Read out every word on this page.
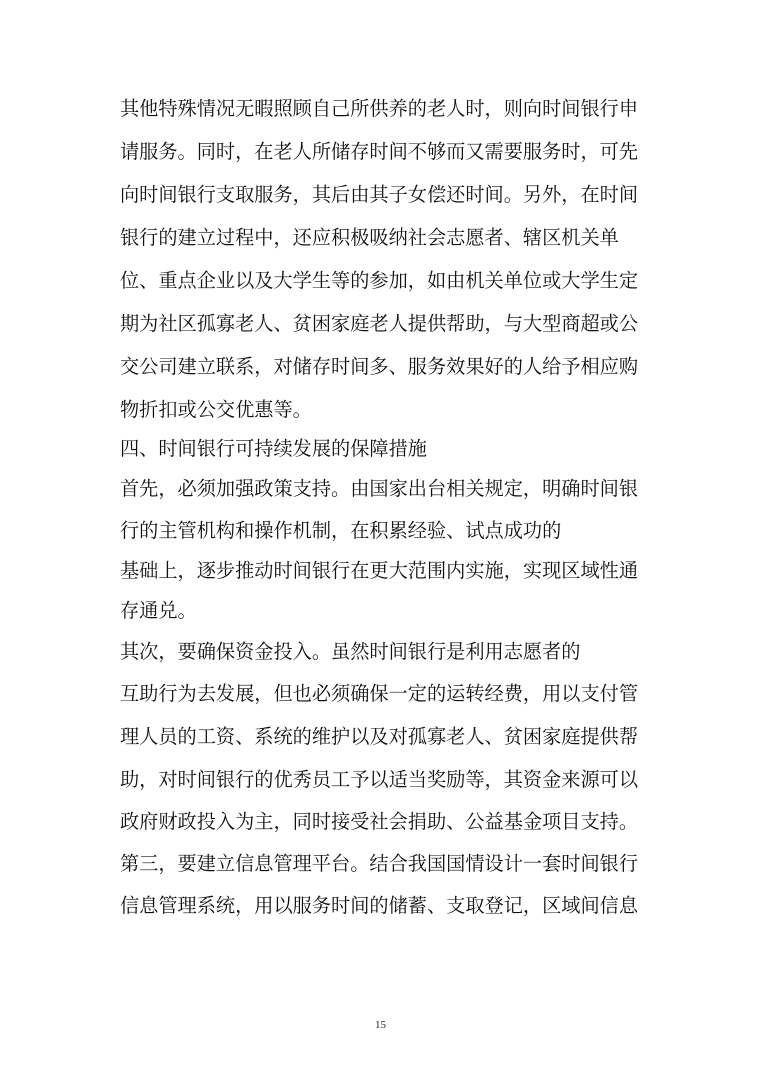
其他特殊情况无暇照顾自己所供养的老人时，则向时间银行申
请服务。同时，在老人所储存时间不够而又需要服务时，可先
向时间银行支取服务，其后由其子女偿还时间。另外，在时间
银行的建立过程中，还应积极吸纳社会志愿者、辖区机关单
位、重点企业以及大学生等的参加，如由机关单位或大学生定
期为社区孤寡老人、贫困家庭老人提供帮助，与大型商超或公
交公司建立联系，对储存时间多、服务效果好的人给予相应购
物折扣或公交优惠等。
四、时间银行可持续发展的保障措施
首先，必须加强政策支持。由国家出台相关规定，明确时间银
行的主管机构和操作机制，在积累经验、试点成功的
基础上，逐步推动时间银行在更大范围内实施，实现区域性通
存通兑。
其次，要确保资金投入。虽然时间银行是利用志愿者的
互助行为去发展，但也必须确保一定的运转经费，用以支付管
理人员的工资、系统的维护以及对孤寡老人、贫困家庭提供帮
助，对时间银行的优秀员工予以适当奖励等，其资金来源可以
政府财政投入为主，同时接受社会捐助、公益基金项目支持。
第三，要建立信息管理平台。结合我国国情设计一套时间银行
信息管理系统，用以服务时间的储蓄、支取登记，区域间信息
15
